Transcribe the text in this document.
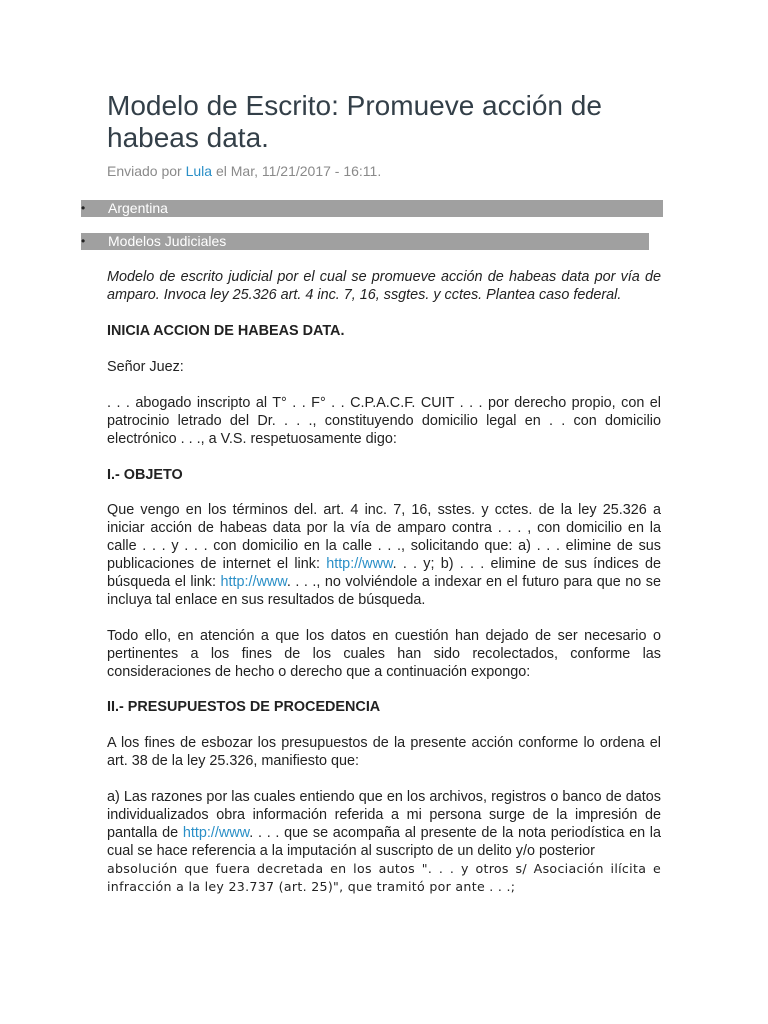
Modelo de Escrito: Promueve acción de habeas data.
Enviado por Lula el Mar, 11/21/2017 - 16:11.
•	Argentina
•	Modelos Judiciales

Modelo de escrito judicial por el cual se promueve acción de habeas data por vía de amparo. Invoca ley 25.326 art. 4 inc. 7, 16, ssgtes. y cctes. Plantea caso federal.

INICIA ACCION DE HABEAS DATA.

Señor Juez:

. . . abogado inscripto al T° . . F° . . C.P.A.C.F. CUIT . . . por derecho propio, con el patrocinio letrado del Dr. . . ., constituyendo domicilio legal en . . con domicilio electrónico . . ., a V.S. respetuosamente digo:

I.- OBJETO

Que vengo en los términos del. art. 4 inc. 7, 16, sstes. y cctes. de la ley 25.326 a iniciar acción de habeas data por la vía de amparo contra . . . , con domicilio en la calle . . . y . . . con domicilio en la calle . . ., solicitando que: a) . . . elimine de sus publicaciones de internet el link: http://www. . . y; b) . . . elimine de sus índices de búsqueda el link: http://www. . . ., no volviéndole a indexar en el futuro para que no se incluya tal enlace en sus resultados de búsqueda.

Todo ello, en atención a que los datos en cuestión han dejado de ser necesario o pertinentes a los fines de los cuales han sido recolectados, conforme las consideraciones de hecho o derecho que a continuación expongo:

II.- PRESUPUESTOS DE PROCEDENCIA

A los fines de esbozar los presupuestos de la presente acción conforme lo ordena el art. 38 de la ley 25.326, manifiesto que:

a) Las razones por las cuales entiendo que en los archivos, registros o banco de datos individualizados obra información referida a mi persona surge de la impresión de pantalla de http://www. . . . que se acompaña al presente de la nota periodística en la cual se hace referencia a la imputación al suscripto de un delito y/o posterior
absolución que fuera decretada en los autos ". . . y otros s/ Asociación ilícita e
infracción a la ley 23.737 (art. 25)", que tramitó por ante . . .;
